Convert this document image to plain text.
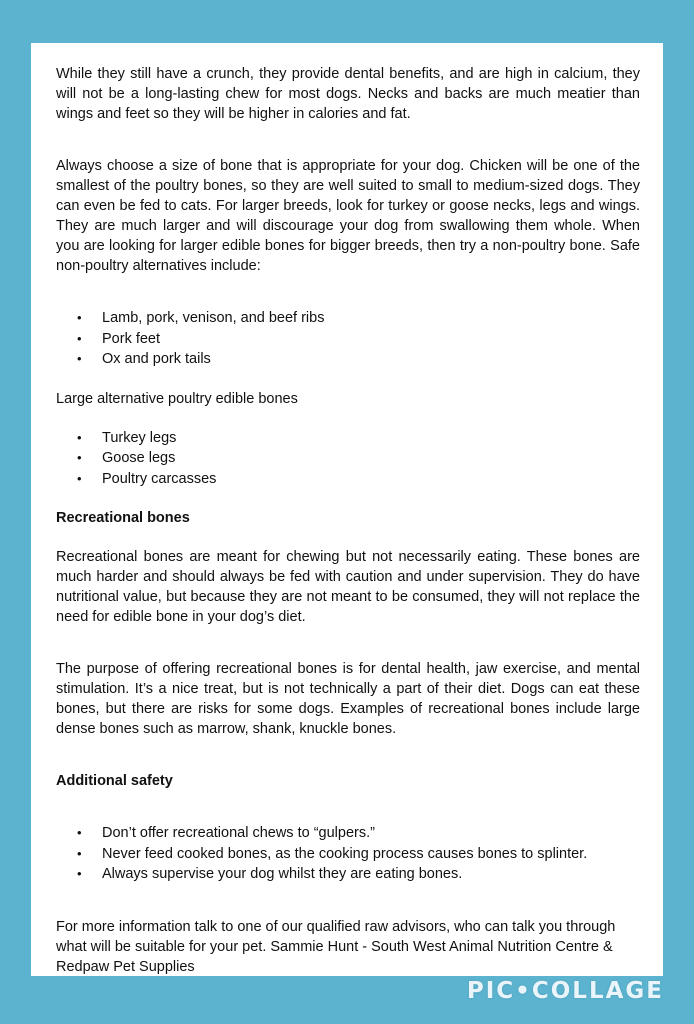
While they still have a crunch, they provide dental benefits, and are high in calcium, they will not be a long-lasting chew for most dogs. Necks and backs are much meatier than wings and feet so they will be higher in calories and fat.

Always choose a size of bone that is appropriate for your dog. Chicken will be one of the smallest of the poultry bones, so they are well suited to small to medium-sized dogs. They can even be fed to cats. For larger breeds, look for turkey or goose necks, legs and wings. They are much larger and will discourage your dog from swallowing them whole. When you are looking for larger edible bones for bigger breeds, then try a non-poultry bone. Safe non-poultry alternatives include:

• Lamb, pork, venison, and beef ribs
• Pork feet
• Ox and pork tails

Large alternative poultry edible bones

• Turkey legs
• Goose legs
• Poultry carcasses
Recreational bones

Recreational bones are meant for chewing but not necessarily eating. These bones are much harder and should always be fed with caution and under supervision. They do have nutritional value, but because they are not meant to be consumed, they will not replace the need for edible bone in your dog’s diet.

The purpose of offering recreational bones is for dental health, jaw exercise, and mental stimulation. It’s a nice treat, but is not technically a part of their diet. Dogs can eat these bones, but there are risks for some dogs. Examples of recreational bones include large dense bones such as marrow, shank, knuckle bones.

Additional safety
• Don’t offer recreational chews to “gulpers.”
• Never feed cooked bones, as the cooking process causes bones to splinter.
• Always supervise your dog whilst they are eating bones.

For more information talk to one of our qualified raw advisors, who can talk you through what will be suitable for your pet. Sammie Hunt - South West Animal Nutrition Centre & Redpaw Pet Supplies

PIC•COLLAGE
